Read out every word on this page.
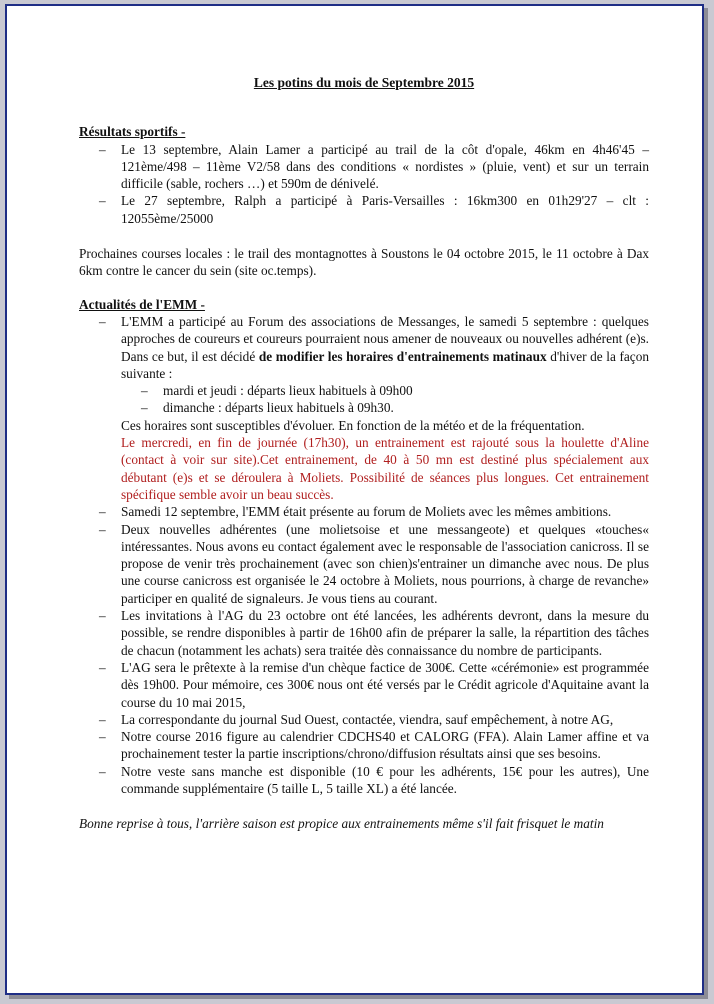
Les potins du mois de Septembre 2015
Résultats sportifs -
– Le 13 septembre, Alain Lamer a participé au trail de la côt d'opale, 46km en 4h46'45 – 121ème/498 – 11ème V2/58 dans des conditions « nordistes » (pluie, vent) et sur un terrain difficile (sable, rochers …) et 590m de dénivelé.
– Le 27 septembre, Ralph a participé à Paris-Versailles : 16km300 en 01h29'27 – clt : 12055ème/25000

Prochaines courses locales : le trail des montagnottes à Soustons le 04 octobre 2015, le 11 octobre à Dax 6km contre le cancer du sein (site oc.temps).

Actualités de l'EMM -
– L'EMM a participé au Forum des associations de Messanges, le samedi 5 septembre : quelques approches de coureurs et coureurs pourraient nous amener de nouveaux ou nouvelles adhérent (e)s. Dans ce but, il est décidé de modifier les horaires d'entrainements matinaux d'hiver de la façon suivante :
– mardi et jeudi : départs lieux habituels à 09h00
– dimanche : départs lieux habituels à 09h30.

Ces horaires sont susceptibles d'évoluer. En fonction de la météo et de la fréquentation.

Le mercredi, en fin de journée (17h30), un entrainement est rajouté sous la houlette d'Aline (contact à voir sur site).Cet entrainement, de 40 à 50 mn est destiné plus spécialement aux débutant (e)s et se déroulera à Moliets. Possibilité de séances plus longues. Cet entrainement spécifique semble avoir un beau succès.

– Samedi 12 septembre, l'EMM était présente au forum de Moliets avec les mêmes ambitions.
– Deux nouvelles adhérentes (une molietsoise et une messangeote) et quelques «touches« intéressantes. Nous avons eu contact également avec le responsable de l'association canicross. Il se propose de venir très prochainement (avec son chien)s'entrainer un dimanche avec nous. De plus une course canicross est organisée le 24 octobre à Moliets, nous pourrions, à charge de revanche» participer en qualité de signaleurs. Je vous tiens au courant.
– Les invitations à l'AG du 23 octobre ont été lancées, les adhérents devront, dans la mesure du possible, se rendre disponibles à partir de 16h00 afin de préparer la salle, la répartition des tâches de chacun (notamment les achats) sera traitée dès connaissance du nombre de participants.
– L'AG sera le prêtexte à la remise d'un chèque factice de 300€. Cette «cérémonie» est programmée dès 19h00. Pour mémoire, ces 300€ nous ont été versés par le Crédit agricole d'Aquitaine avant la course du 10 mai 2015,
– La correspondante du journal Sud Ouest, contactée, viendra, sauf empêchement, à notre AG,
– Notre course 2016 figure au calendrier CDCHS40 et CALORG (FFA). Alain Lamer affine et va prochainement tester la partie inscriptions/chrono/diffusion résultats ainsi que ses besoins.
– Notre veste sans manche est disponible (10 € pour les adhérents, 15€ pour les autres), Une commande supplémentaire (5 taille L, 5 taille XL) a été lancée.

Bonne reprise à tous, l'arrière saison est propice aux entrainements même s'il fait frisquet le matin
